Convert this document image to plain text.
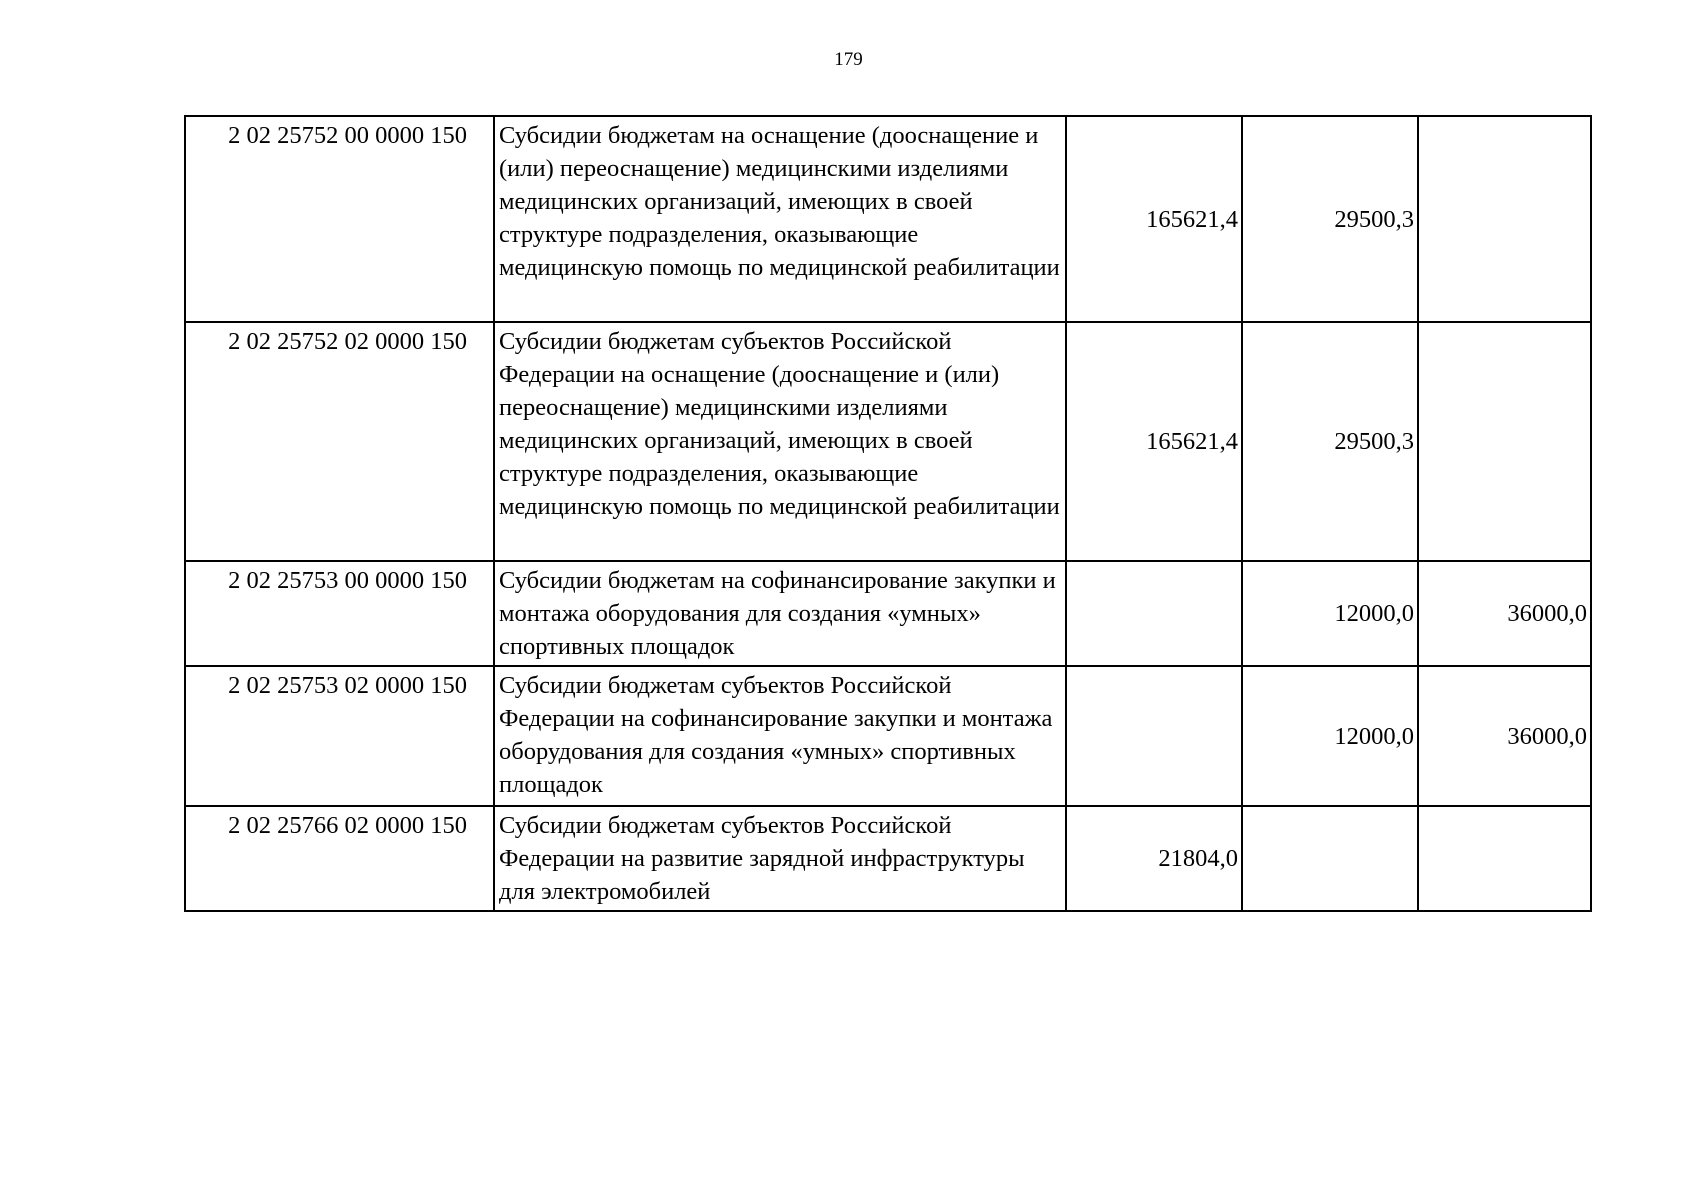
179
2 02 25752 00 0000 150	Субсидии бюджетам на оснащение (дооснащение и (или) переоснащение) медицинскими изделиями медицинских организаций, имеющих в своей структуре подразделения, оказывающие медицинскую помощь по медицинской реабилитации	165621,4	29500,3	
2 02 25752 02 0000 150	Субсидии бюджетам субъектов Российской Федерации на оснащение (дооснащение и (или) переоснащение) медицинскими изделиями медицинских организаций, имеющих в своей структуре подразделения, оказывающие медицинскую помощь по медицинской реабилитации	165621,4	29500,3	
2 02 25753 00 0000 150	Субсидии бюджетам на софинансирование закупки и монтажа оборудования для создания «умных» спортивных площадок		12000,0	36000,0
2 02 25753 02 0000 150	Субсидии бюджетам субъектов Российской Федерации на софинансирование закупки и монтажа оборудования для создания «умных» спортивных площадок		12000,0	36000,0
2 02 25766 02 0000 150	Субсидии бюджетам субъектов Российской Федерации на развитие зарядной инфраструктуры для электромобилей	21804,0		
